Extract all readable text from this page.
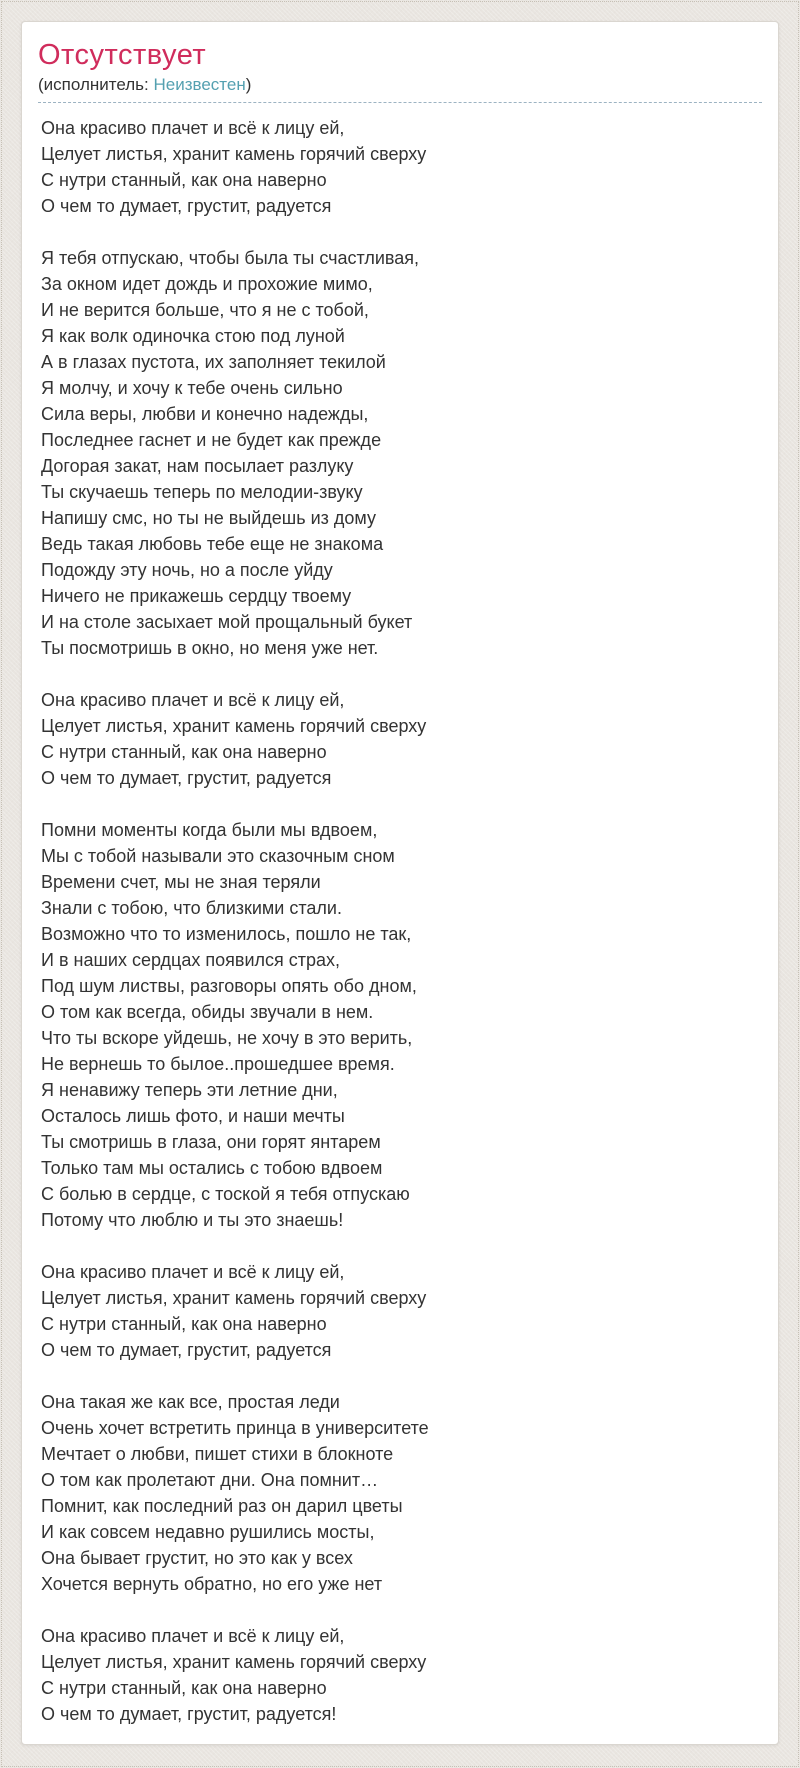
Отсутствует
(исполнитель: Неизвестен)
Она красиво плачет и всё к лицу ей,
Целует листья, хранит камень горячий сверху
С нутри станный, как она наверно
О чем то думает, грустит, радуется
Я тебя отпускаю, чтобы была ты счастливая,
За окном идет дождь и прохожие мимо,
И не верится больше, что я не с тобой,
Я как волк одиночка стою под луной
А в глазах пустота, их заполняет текилой
Я молчу, и хочу к тебе очень сильно
Сила веры, любви и конечно надежды,
Последнее гаснет и не будет как прежде
Догорая закат, нам посылает разлуку
Ты скучаешь теперь по мелодии-звуку
Напишу смс, но ты не выйдешь из дому
Ведь такая любовь тебе еще не знакома
Подожду эту ночь, но а после уйду
Ничего не прикажешь сердцу твоему
И на столе засыхает мой прощальный букет
Ты посмотришь в окно, но меня уже нет.
Она красиво плачет и всё к лицу ей,
Целует листья, хранит камень горячий сверху
С нутри станный, как она наверно
О чем то думает, грустит, радуется
Помни моменты когда были мы вдвоем,
Мы с тобой называли это сказочным сном
Времени счет, мы не зная теряли
Знали с тобою, что близкими стали.
Возможно что то изменилось, пошло не так,
И в наших сердцах появился страх,
Под шум листвы, разговоры опять обо дном,
О том как всегда, обиды звучали в нем.
Что ты вскоре уйдешь, не хочу в это верить,
Не вернешь то былое..прошедшее время.
Я ненавижу теперь эти летние дни,
Осталось лишь фото, и наши мечты
Ты смотришь в глаза, они горят янтарем
Только там мы остались с тобою вдвоем
С болью в сердце, с тоской я тебя отпускаю
Потому что люблю и ты это знаешь!
Она красиво плачет и всё к лицу ей,
Целует листья, хранит камень горячий сверху
С нутри станный, как она наверно
О чем то думает, грустит, радуется
Она такая же как все, простая леди
Очень хочет встретить принца в университете
Мечтает о любви, пишет стихи в блокноте
О том как пролетают дни. Она помнит…
Помнит, как последний раз он дарил цветы
И как совсем недавно рушились мосты,
Она бывает грустит, но это как у всех
Хочется вернуть обратно, но его уже нет
Она красиво плачет и всё к лицу ей,
Целует листья, хранит камень горячий сверху
С нутри станный, как она наверно
О чем то думает, грустит, радуется!
